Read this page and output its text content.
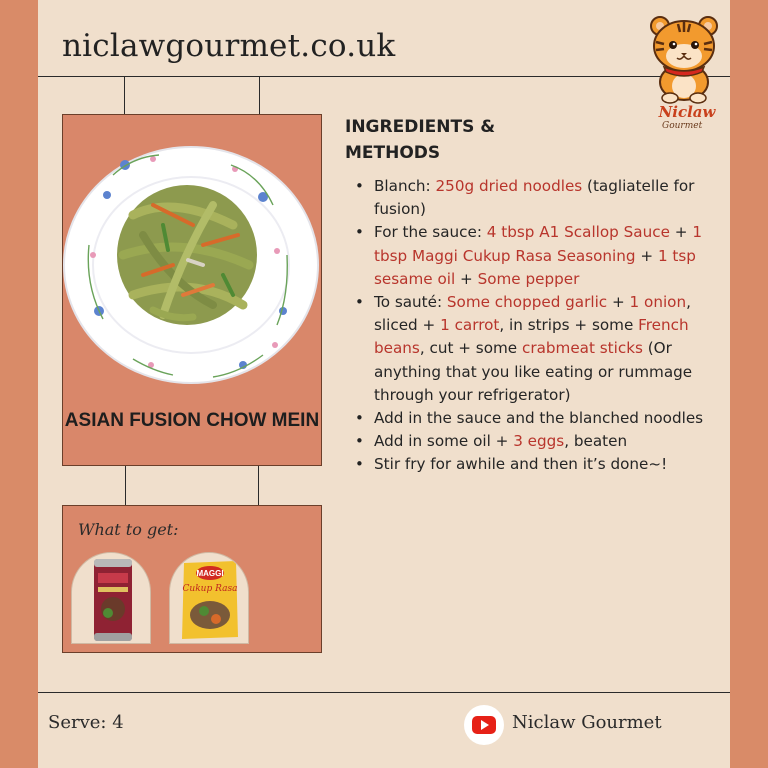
niclawgourmet.co.uk
Niclaw
Gourmet
ASIAN FUSION CHOW MEIN
What to get:
MAGGI
Cukup Rasa
INGREDIENTS & METHODS
• Blanch: 250g dried noodles (tagliatelle for fusion)
• For the sauce: 4 tbsp A1 Scallop Sauce + 1 tbsp Maggi Cukup Rasa Seasoning + 1 tsp sesame oil + Some pepper
• To sauté: Some chopped garlic + 1 onion, sliced + 1 carrot, in strips + some French beans, cut + some crabmeat sticks (Or anything that you like eating or rummage through your refrigerator)
• Add in the sauce and the blanched noodles
• Add in some oil + 3 eggs, beaten
• Stir fry for awhile and then it’s done~!
Serve: 4	Niclaw Gourmet
